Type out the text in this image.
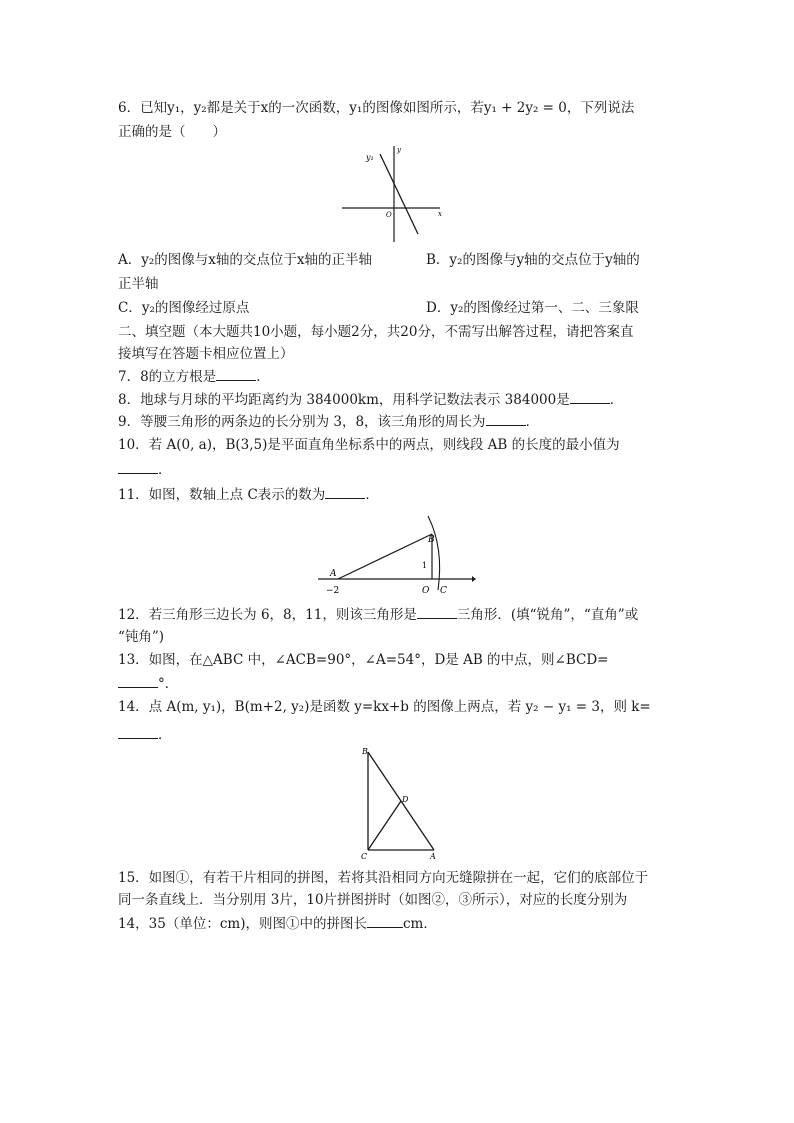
6．已知y₁，y₂都是关于x的一次函数，y₁的图像如图所示，若y₁ + 2y₂ = 0，下列说法
正确的是（　　）
y₁
y
O	x
A．y₂的图像与x轴的交点位于x轴的正半轴	B．y₂的图像与y轴的交点位于y轴的
正半轴
C．y₂的图像经过原点	D．y₂的图像经过第一、二、三象限
二、填空题（本大题共10小题，每小题2分，共20分，不需写出解答过程，请把答案直
接填写在答题卡相应位置上）
7．8的立方根是	．
8．地球与月球的平均距离约为 384000km，用科学记数法表示 384000是	．
9．等腰三角形的两条边的长分别为 3，8，该三角形的周长为	．
10．若 A(0, a)，B(3,5)是平面直角坐标系中的两点，则线段 AB 的长度的最小值为
．
11．如图，数轴上点 C表示的数为	．
A
−2
B
1
O C
12．若三角形三边长为 6，8，11，则该三角形是	三角形．(填“锐角”，“直角”或
“钝角”)
13．如图，在△ABC 中，∠ACB=90°，∠A=54°，D是 AB 的中点，则∠BCD=
°．
14．点 A(m, y₁)，B(m+2, y₂)是函数 y=kx+b 的图像上两点，若 y₂ − y₁ = 3，则 k=
．
B
D
C	A
15．如图①，有若干片相同的拼图，若将其沿相同方向无缝隙拼在一起，它们的底部位于
同一条直线上．当分别用 3片，10片拼图拼时（如图②，③所示），对应的长度分别为
14，35（单位：cm)，则图①中的拼图长	cm．
